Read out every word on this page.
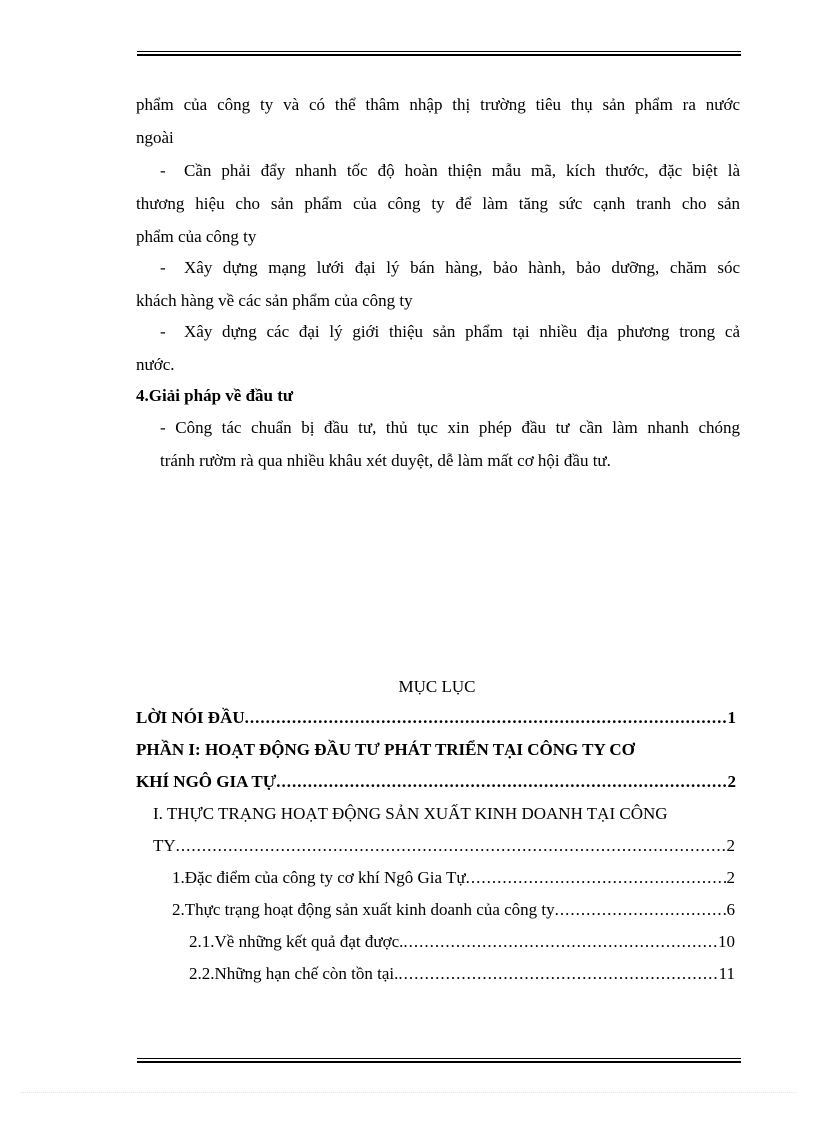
phẩm của công ty và có thể thâm nhập thị trường tiêu thụ sản phẩm ra nước
ngoài
- Cần phải đẩy nhanh tốc độ hoàn thiện mẫu mã, kích thước, đặc biệt là
thương hiệu cho sản phẩm của công ty để làm tăng sức cạnh tranh cho sản
phẩm của công ty
- Xây dựng mạng lưới đại lý bán hàng, bảo hành, bảo dưỡng, chăm sóc
khách hàng về các sản phẩm của công ty
- Xây dựng các đại lý giới thiệu sản phẩm tại nhiều địa phương trong cả
nước.
4.Giải pháp về đầu tư
- Công tác chuẩn bị đầu tư, thủ tục xin phép đầu tư cần làm nhanh chóng
tránh rườm rà qua nhiều khâu xét duyệt, dễ làm mất cơ hội đầu tư.
MỤC LỤC
LỜI NÓI ĐẦU .....	1
PHẦN I: HOẠT ĐỘNG ĐẦU TƯ PHÁT TRIỂN TẠI CÔNG TY CƠ
KHÍ NGÔ GIA TỰ .....	2
I. THỰC TRẠNG HOẠT ĐỘNG SẢN XUẤT KINH DOANH TẠI CÔNG
TY .....	2
1.Đặc điểm của công ty cơ khí Ngô Gia Tự .....	2
2.Thực trạng hoạt động sản xuất kinh doanh của công ty .....	6
2.1.Về những kết quả đạt được. .....	10
2.2.Những hạn chế còn tồn tại. .....	11
